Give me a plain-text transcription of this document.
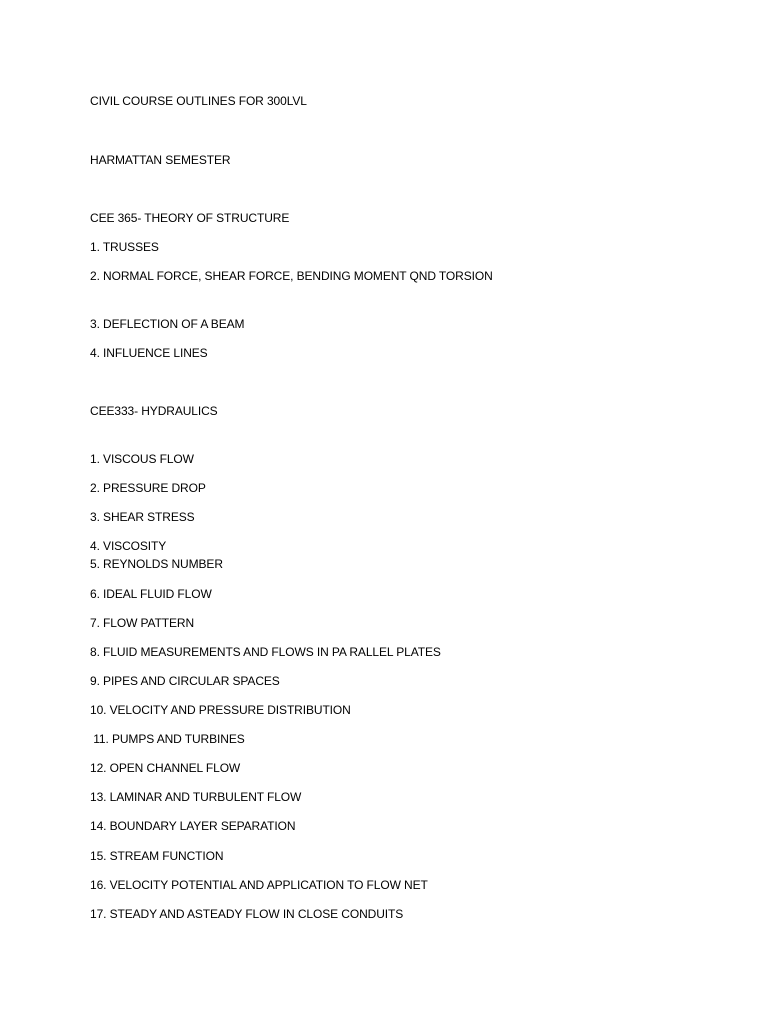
CIVIL COURSE OUTLINES FOR 300LVL

HARMATTAN SEMESTER

CEE 365- THEORY OF STRUCTURE

1. TRUSSES

2. NORMAL FORCE, SHEAR FORCE, BENDING MOMENT QND TORSION

3. DEFLECTION OF A BEAM

4. INFLUENCE LINES

CEE333- HYDRAULICS

1. VISCOUS FLOW

2. PRESSURE DROP

3. SHEAR STRESS

4. VISCOSITY

5. REYNOLDS NUMBER

6. IDEAL FLUID FLOW

7. FLOW PATTERN

8. FLUID MEASUREMENTS AND FLOWS IN PA RALLEL PLATES

9. PIPES AND CIRCULAR SPACES

10. VELOCITY AND PRESSURE DISTRIBUTION

11. PUMPS AND TURBINES

12. OPEN CHANNEL FLOW

13. LAMINAR AND TURBULENT FLOW

14. BOUNDARY LAYER SEPARATION

15. STREAM FUNCTION

16. VELOCITY POTENTIAL AND APPLICATION TO FLOW NET

17. STEADY AND ASTEADY FLOW IN CLOSE CONDUITS
